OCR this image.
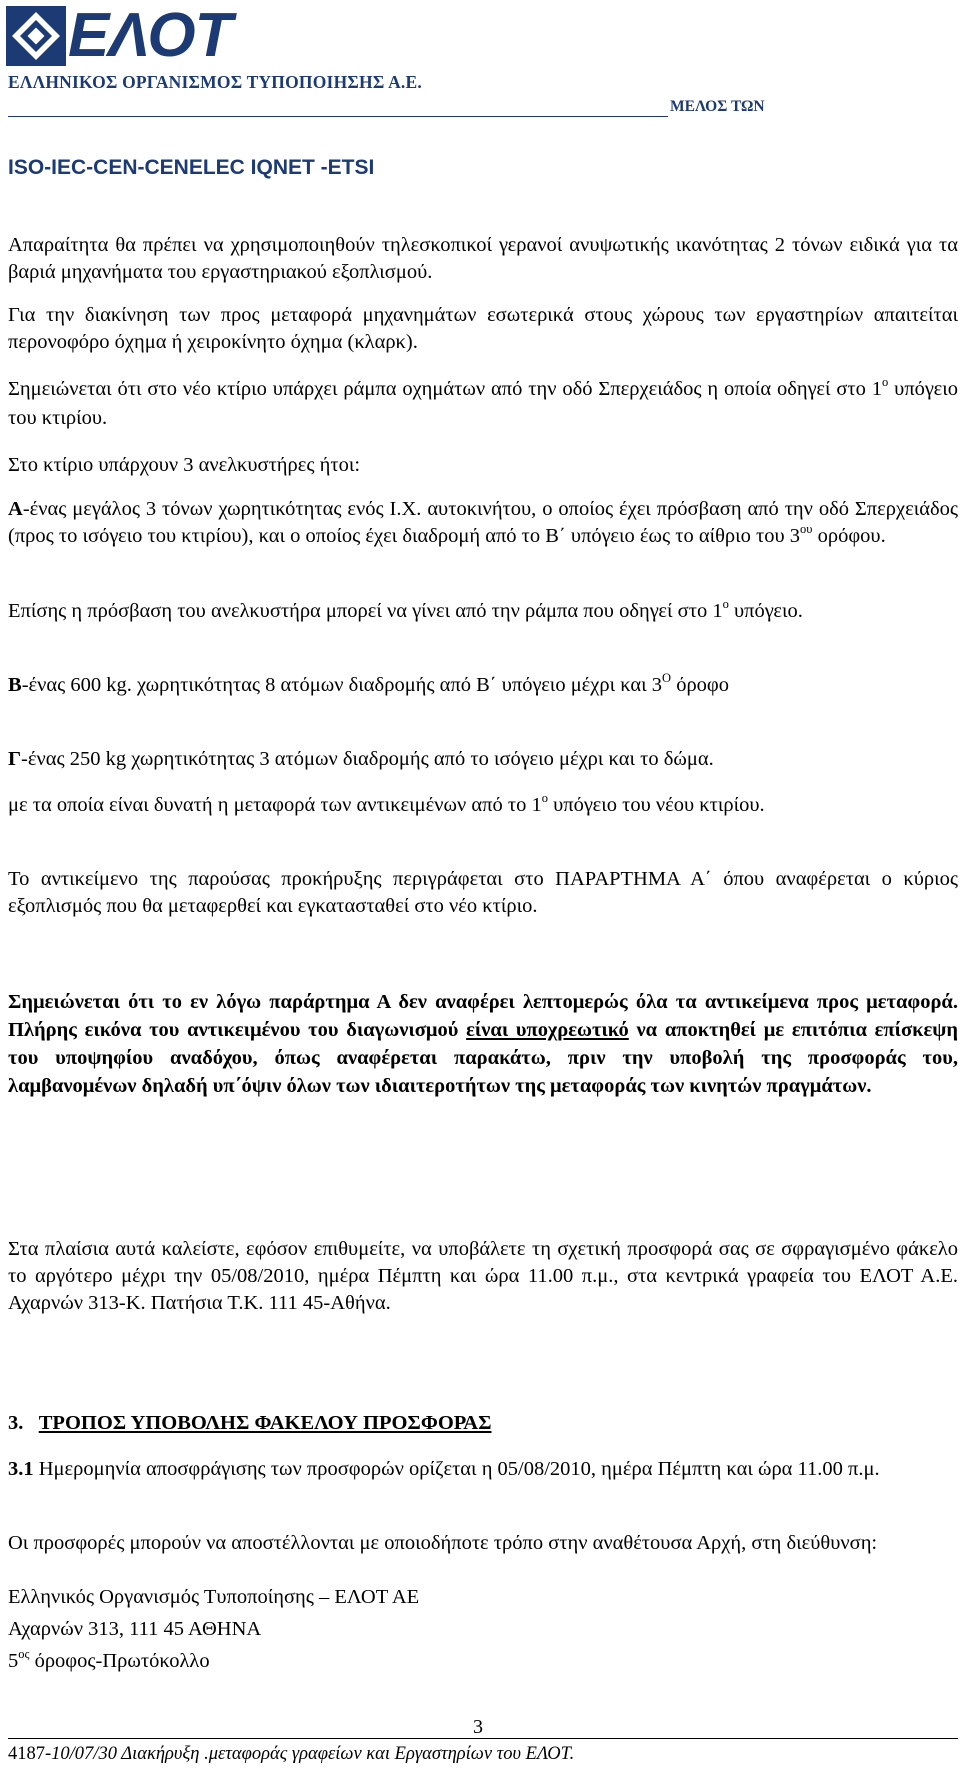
ΕΛΟΤ
ΕΛΛΗΝΙΚΟΣ ΟΡΓΑΝΙΣΜΟΣ ΤΥΠΟΠΟΙΗΣΗΣ Α.Ε.
ΜΕΛΟΣ ΤΩΝ
ISO-IEC-CEN-CENELEC IQNET -ETSI
Απαραίτητα θα πρέπει να χρησιμοποιηθούν τηλεσκοπικοί γερανοί ανυψωτικής ικανότητας 2 τόνων ειδικά για τα βαριά μηχανήματα του εργαστηριακού εξοπλισμού.
Για την διακίνηση των προς μεταφορά μηχανημάτων εσωτερικά στους χώρους των εργαστηρίων απαιτείται περονοφόρο όχημα ή χειροκίνητο όχημα (κλαρκ).
Σημειώνεται ότι στο νέο κτίριο υπάρχει ράμπα οχημάτων από την οδό Σπερχειάδος η οποία οδηγεί στο $1^o$ υπόγειο του κτιρίου.
Στο κτίριο υπάρχουν 3 ανελκυστήρες ήτοι:
Α-ένας μεγάλος 3 τόνων χωρητικότητας ενός Ι.Χ. αυτοκινήτου, ο οποίος έχει πρόσβαση από την οδό Σπερχειάδος (προς το ισόγειο του κτιρίου), και ο οποίος έχει διαδρομή από το Β΄ υπόγειο έως το αίθριο του $3^{o\upsilon}$ ορόφου.
Επίσης η πρόσβαση του ανελκυστήρα μπορεί να γίνει από την ράμπα που οδηγεί στο $1^o$ υπόγειο.
Β-ένας 600 kg. χωρητικότητας 8 ατόμων διαδρομής από Β΄ υπόγειο μέχρι και $3^O$ όροφο
Γ-ένας 250 kg χωρητικότητας 3 ατόμων διαδρομής από το ισόγειο μέχρι και το δώμα.
με τα οποία είναι δυνατή η μεταφορά των αντικειμένων από το $1^o$ υπόγειο του νέου κτιρίου.
Το αντικείμενο της παρούσας προκήρυξης περιγράφεται στο ΠΑΡΑΡΤΗΜΑ Α΄ όπου αναφέρεται ο κύριος εξοπλισμός που θα μεταφερθεί και εγκατασταθεί στο νέο κτίριο.
Σημειώνεται ότι το εν λόγω παράρτημα Α δεν αναφέρει λεπτομερώς όλα τα αντικείμενα προς μεταφορά. Πλήρης εικόνα του αντικειμένου του διαγωνισμού είναι υποχρεωτικό να αποκτηθεί με επιτόπια επίσκεψη του υποψηφίου αναδόχου, όπως αναφέρεται παρακάτω, πριν την υποβολή της προσφοράς του, λαμβανομένων δηλαδή υπ΄όψιν όλων των ιδιαιτεροτήτων της μεταφοράς των κινητών πραγμάτων.
Στα πλαίσια αυτά καλείστε, εφόσον επιθυμείτε, να υποβάλετε τη σχετική προσφορά σας σε σφραγισμένο φάκελο το αργότερο μέχρι την 05/08/2010, ημέρα Πέμπτη και ώρα 11.00 π.μ., στα κεντρικά γραφεία του ΕΛΟΤ Α.Ε. Αχαρνών 313-Κ. Πατήσια Τ.Κ. 111 45-Αθήνα.
3. ΤΡΟΠΟΣ ΥΠΟΒΟΛΗΣ ΦΑΚΕΛΟΥ ΠΡΟΣΦΟΡΑΣ
3.1 Ημερομηνία αποσφράγισης των προσφορών ορίζεται η 05/08/2010, ημέρα Πέμπτη και ώρα 11.00 π.μ.
Οι προσφορές μπορούν να αποστέλλονται με οποιοδήποτε τρόπο στην αναθέτουσα Αρχή, στη διεύθυνση:
Ελληνικός Οργανισμός Τυποποίησης – ΕΛΟΤ ΑΕ
Αχαρνών 313, 111 45 ΑΘΗΝΑ
$5^{o\varsigma}$ όροφος-Πρωτόκολλο
3
4187-10/07/30 Διακήρυξη .μεταφοράς γραφείων και Εργαστηρίων του ΕΛΟΤ.
